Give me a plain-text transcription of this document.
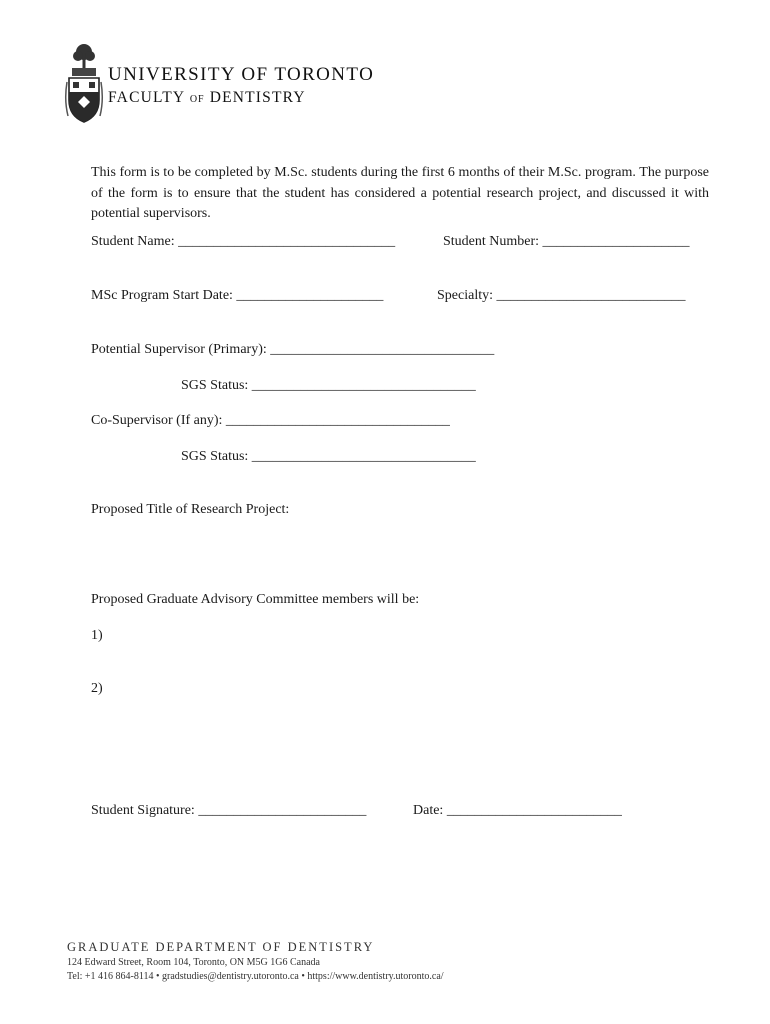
UNIVERSITY OF TORONTO
FACULTY OF DENTISTRY
This form is to be completed by M.Sc. students during the first 6 months of their M.Sc. program. The purpose of the form is to ensure that the student has considered a potential research project, and discussed it with potential supervisors.
Student Name: _______________________________	Student Number: _____________________
MSc Program Start Date: _____________________	Specialty: ___________________________
Potential Supervisor (Primary): ________________________________
SGS Status: ________________________________
Co-Supervisor (If any): ________________________________
SGS Status: ________________________________
Proposed Title of Research Project:
Proposed Graduate Advisory Committee members will be:
1)
2)
Student Signature: ________________________	Date: _________________________
GRADUATE DEPARTMENT OF DENTISTRY
124 Edward Street, Room 104, Toronto, ON M5G 1G6 Canada
Tel: +1 416 864-8114 • gradstudies@dentistry.utoronto.ca • https://www.dentistry.utoronto.ca/
